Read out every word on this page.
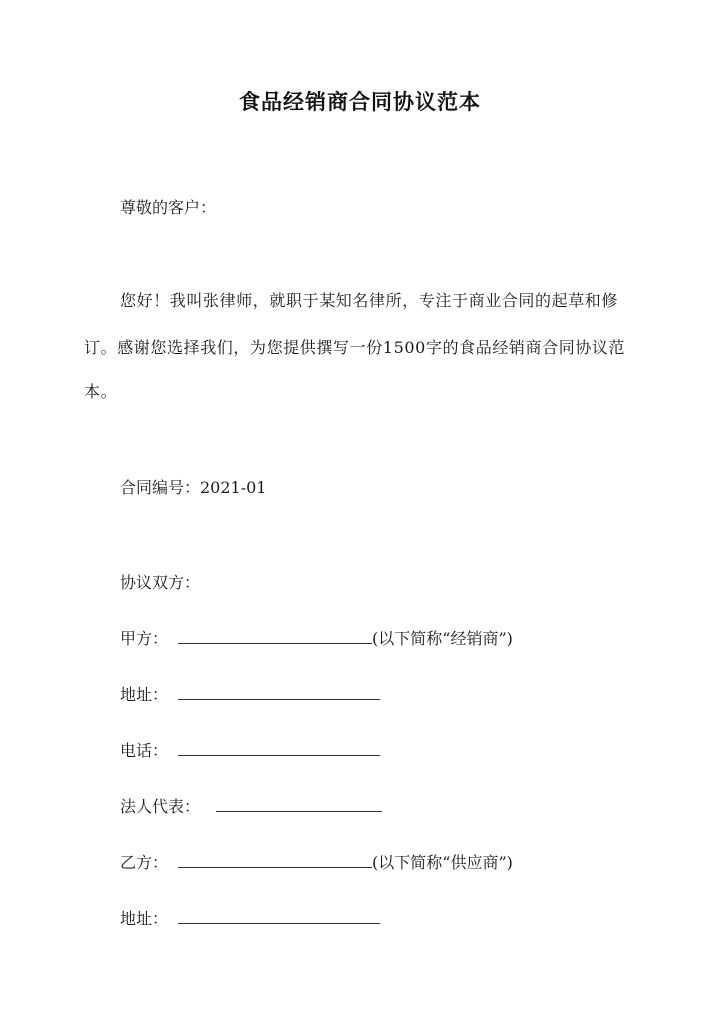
食品经销商合同协议范本
尊敬的客户：
您好！我叫张律师，就职于某知名律所，专注于商业合同的起草和修
订。感谢您选择我们，为您提供撰写一份1500字的食品经销商合同协议范
本。
合同编号：2021-01
协议双方：
甲方：	(以下简称“经销商”)
地址：
电话：
法人代表：
乙方：	(以下简称“供应商”)
地址：
